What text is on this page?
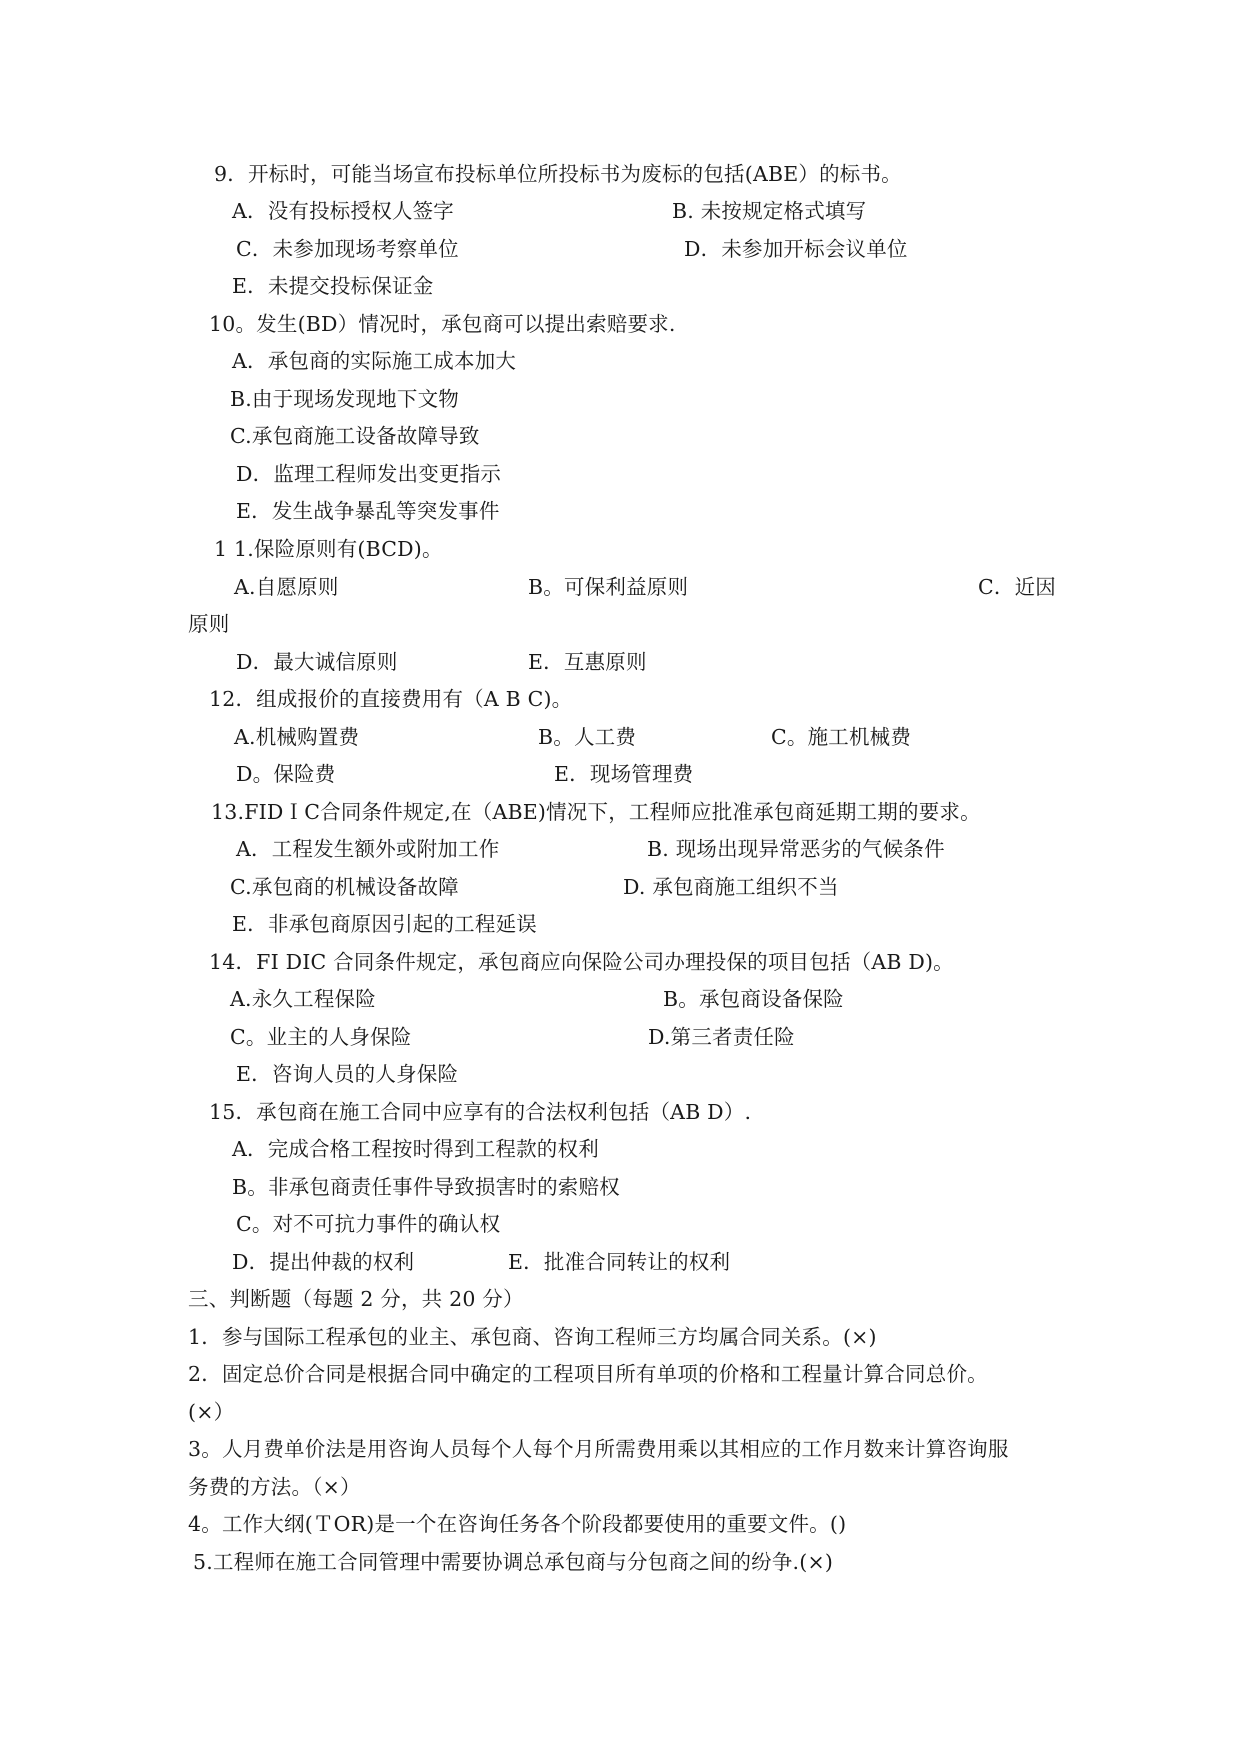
9．开标时，可能当场宣布投标单位所投标书为废标的包括(ABE）的标书。
A．没有投标授权人签字	B. 未按规定格式填写
C．未参加现场考察单位	D．未参加开标会议单位
E．未提交投标保证金
10。发生(BD）情况时，承包商可以提出索赔要求.
A．承包商的实际施工成本加大
B.由于现场发现地下文物
C.承包商施工设备故障导致
D．监理工程师发出变更指示
E．发生战争暴乱等突发事件
1 1.保险原则有(BCD)。
A.自愿原则	B。可保利益原则	C．近因
原则
D．最大诚信原则	E．互惠原则
12．组成报价的直接费用有（A B C)。
A.机械购置费	B。人工费	C。施工机械费
D。保险费	E．现场管理费
13.FIDＩC合同条件规定,在（ABE)情况下，工程师应批准承包商延期工期的要求。
A．工程发生额外或附加工作	B. 现场出现异常恶劣的气候条件
C.承包商的机械设备故障	D. 承包商施工组织不当
E．非承包商原因引起的工程延误
14．FI DIC 合同条件规定，承包商应向保险公司办理投保的项目包括（AB D)。
A.永久工程保险	B。承包商设备保险
C。业主的人身保险	D.第三者责任险
E．咨询人员的人身保险
15．承包商在施工合同中应享有的合法权利包括（AB D）.
A．完成合格工程按时得到工程款的权利
B。非承包商责任事件导致损害时的索赔权
C。对不可抗力事件的确认权
D．提出仲裁的权利	E．批准合同转让的权利
三、判断题（每题 2 分，共 20 分）
1．参与国际工程承包的业主、承包商、咨询工程师三方均属合同关系。(×)
2．固定总价合同是根据合同中确定的工程项目所有单项的价格和工程量计算合同总价。
(×）
3。人月费单价法是用咨询人员每个人每个月所需费用乘以其相应的工作月数来计算咨询服
务费的方法。（×）
4。工作大纲(ＴOR)是一个在咨询任务各个阶段都要使用的重要文件。()
5.工程师在施工合同管理中需要协调总承包商与分包商之间的纷争.(×)
